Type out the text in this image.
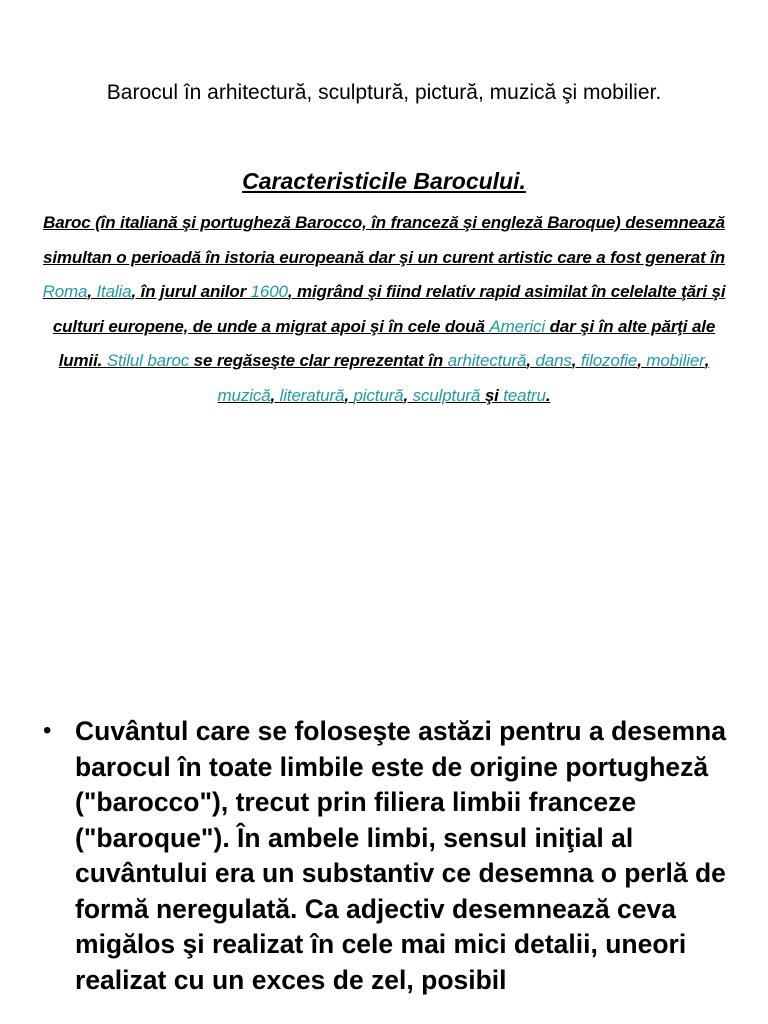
Barocul în arhitectură, sculptură, pictură, muzică şi mobilier.
Caracteristicile Barocului.
Baroc (în italiană şi portugheză Barocco, în franceză şi engleză Baroque) desemnează simultan o perioadă în istoria europeană dar şi un curent artistic care a fost generat în Roma, Italia, în jurul anilor 1600, migrând şi fiind relativ rapid asimilat în celelalte ţări şi culturi europene, de unde a migrat apoi şi în cele două Americi dar şi în alte părţi ale lumii. Stilul baroc se regăseşte clar reprezentat în arhitectură, dans, filozofie, mobilier, muzică, literatură, pictură, sculptură şi teatru.
• Cuvântul care se foloseşte astăzi pentru a desemna barocul în toate limbile este de origine portugheză ("barocco"), trecut prin filiera limbii franceze ("baroque"). În ambele limbi, sensul iniţial al cuvântului era un substantiv ce desemna o perlă de formă neregulată. Ca adjectiv desemnează ceva migălos şi realizat în cele mai mici detalii, uneori realizat cu un exces de zel, posibil
